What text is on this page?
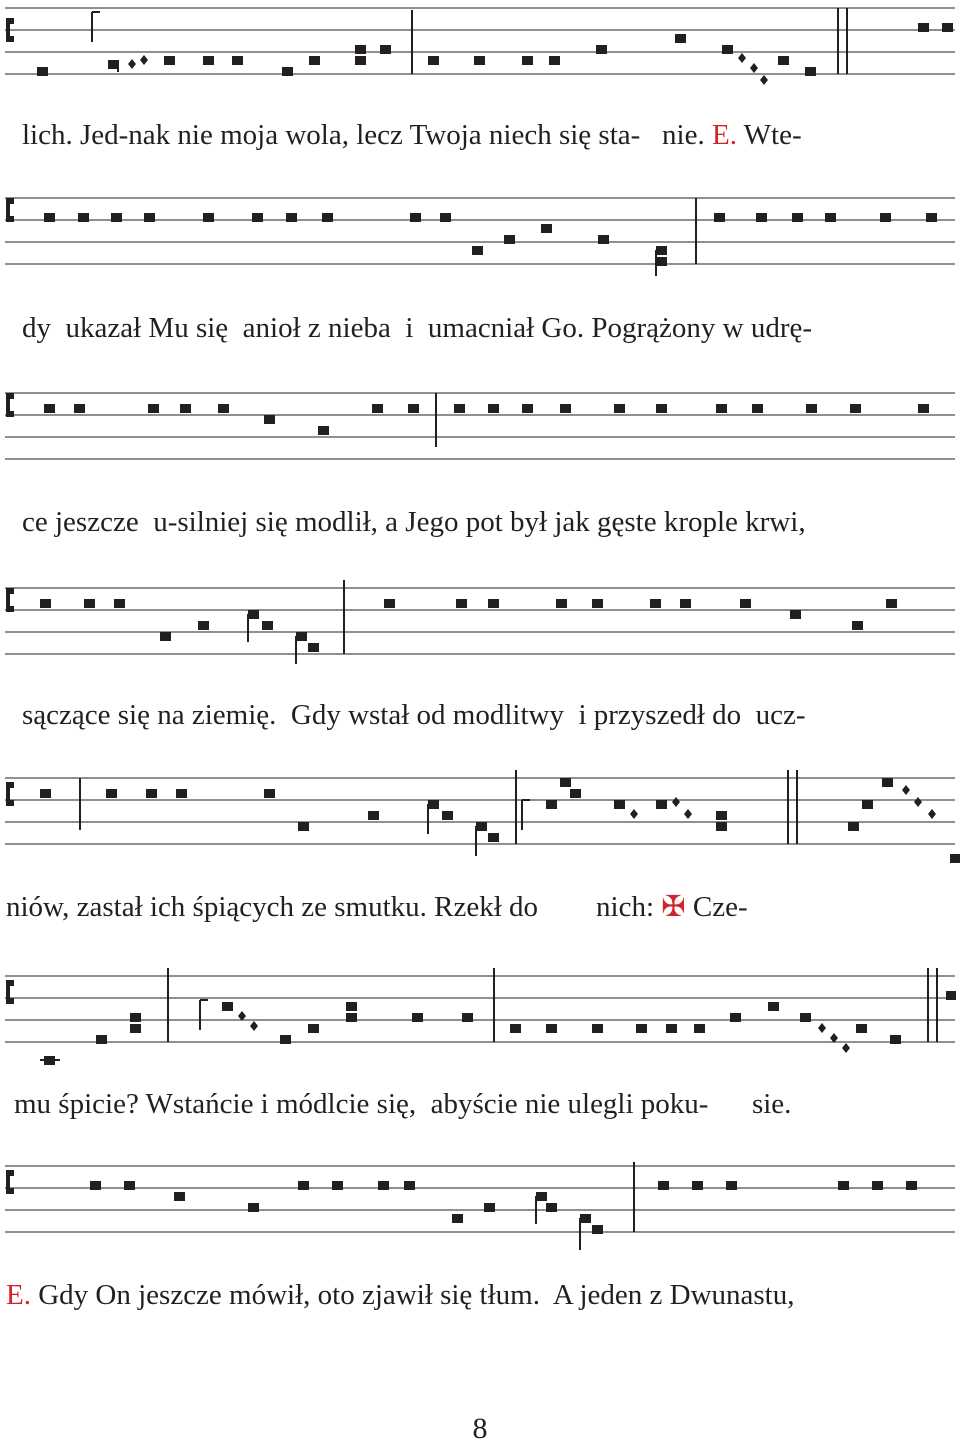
lich. Jed-nak nie moja wola, lecz Twoja niech się sta-   nie. E. Wte-

dy  ukazał Mu się  anioł z nieba  i  umacniał Go. Pogrążony w udrę-

ce jeszcze  u-silniej się modlił, a Jego pot był jak gęste krople krwi,

sączące się na ziemię.  Gdy wstał od modlitwy  i przyszedł do  ucz-

niów, zastał ich śpiących ze smutku. Rzekł do        nich: ✠ Cze-

mu śpicie? Wstańcie i módlcie się,  abyście nie ulegli poku-      sie.

E. Gdy On jeszcze mówił, oto zjawił się tłum.  A jeden z Dwunastu,

8
